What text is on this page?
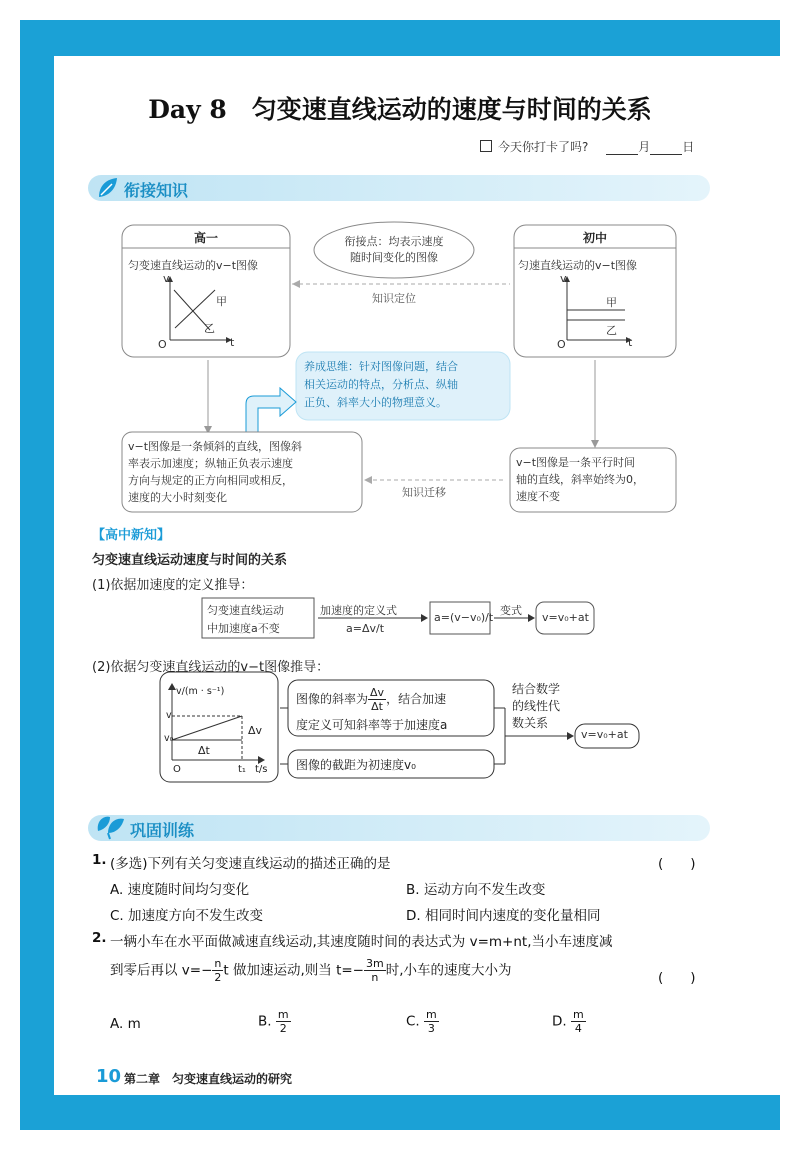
Day 8　匀变速直线运动的速度与时间的关系
今天你打卡了吗?	月	日
衔接知识
高一
匀变速直线运动的v−t图像
v
甲
乙
O	t
初中
匀速直线运动的v−t图像
v
甲
乙
O	t
衔接点：均表示速度
随时间变化的图像
知识定位
养成思维：针对图像问题，结合
相关运动的特点，分析点、纵轴
正负、斜率大小的物理意义。
v−t图像是一条倾斜的直线，图像斜
率表示加速度；纵轴正负表示速度
方向与规定的正方向相同或相反，
速度的大小时刻变化
v−t图像是一条平行时间
轴的直线，斜率始终为0，
速度不变
知识迁移
【高中新知】
匀变速直线运动速度与时间的关系
(1)依据加速度的定义推导：
匀变速直线运动
中加速度a不变
加速度的定义式
a=Δv/t
a=(v−v₀)/t
变式
v=v₀+at
(2)依据匀变速直线运动的v−t图像推导：
v/(m · s⁻¹)
v
v₀
Δv
Δt
O	t₁ t/s
图像的斜率为 $\frac{\Delta v}{\Delta t}$ ，结合加速
度定义可知斜率等于加速度a
图像的截距为初速度v₀
结合数学
的线性代
数关系
v=v₀+at
巩固训练
1. (多选)下列有关匀变速直线运动的描述正确的是	(　　)
A. 速度随时间均匀变化	B. 运动方向不发生改变
C. 加速度方向不发生改变	D. 相同时间内速度的变化量相同
2. 一辆小车在水平面做减速直线运动,其速度随时间的表达式为 v=m+nt,当小车速度减
到零后再以 $v=- \frac{n}{2}$ t 做加速运动,则当 $t=- \frac{3m}{n}$ 时,小车的速度大小为	(　　)
A. m	B. $\frac{m}{2}$	C. $\frac{m}{3}$	D. $\frac{m}{4}$
10 第二章　匀变速直线运动的研究
